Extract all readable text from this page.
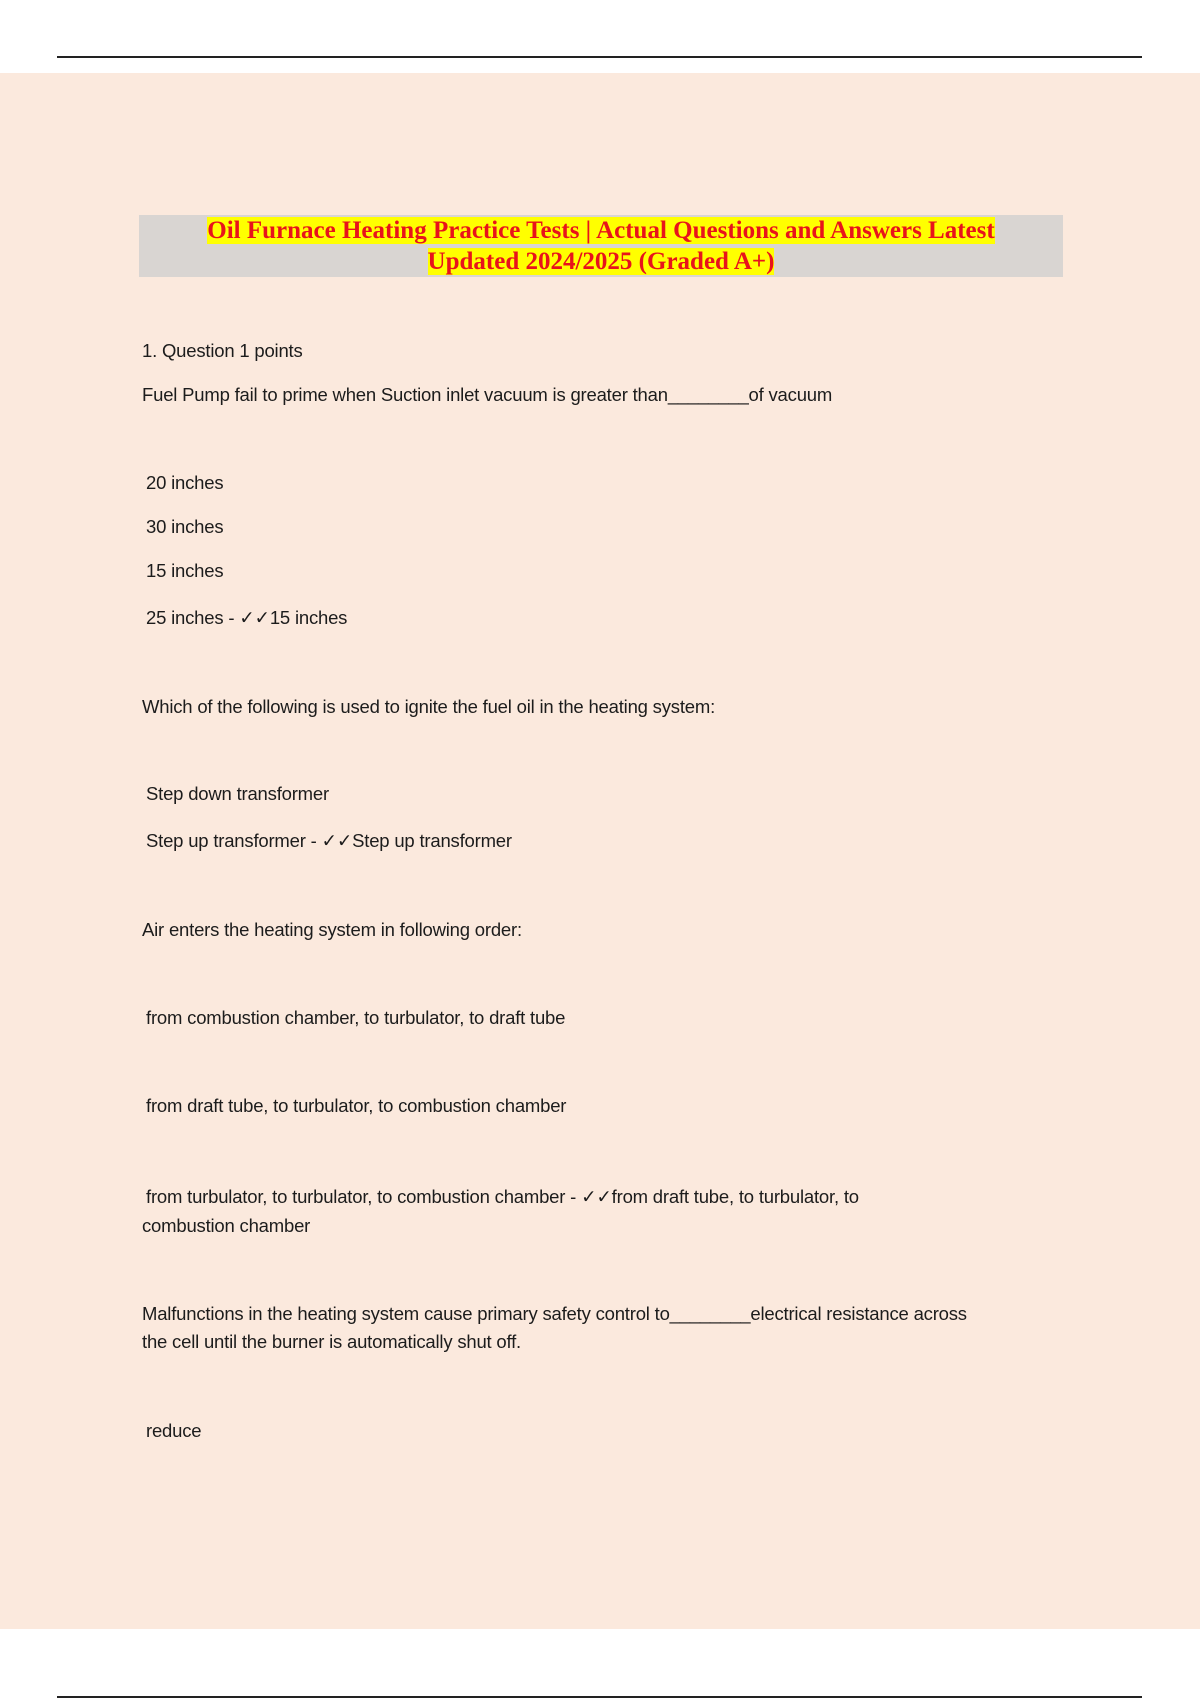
Oil Furnace Heating Practice Tests | Actual Questions and Answers Latest
Updated 2024/2025 (Graded A+)
1. Question 1 points
Fuel Pump fail to prime when Suction inlet vacuum is greater than________of vacuum
20 inches
30 inches
15 inches
25 inches - ✓✓15 inches
Which of the following is used to ignite the fuel oil in the heating system:
Step down transformer
Step up transformer - ✓✓Step up transformer
Air enters the heating system in following order:
from combustion chamber, to turbulator, to draft tube
from draft tube, to turbulator, to combustion chamber
from turbulator, to turbulator, to combustion chamber - ✓✓from draft tube, to turbulator, to
combustion chamber
Malfunctions in the heating system cause primary safety control to________electrical resistance across
the cell until the burner is automatically shut off.
reduce
